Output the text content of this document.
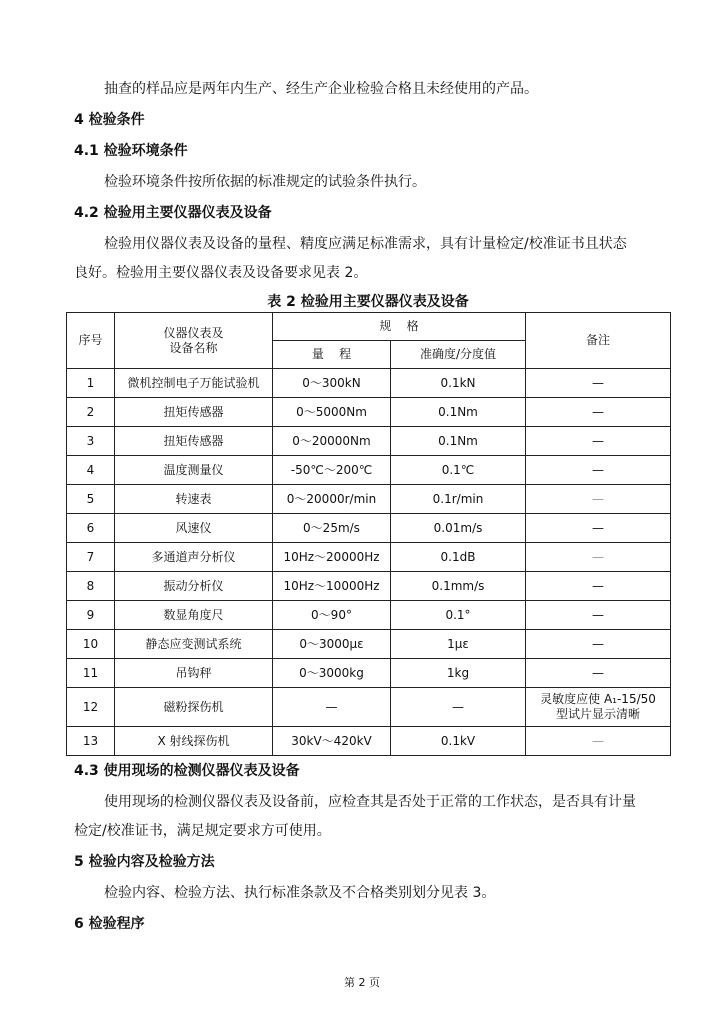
抽查的样品应是两年内生产、经生产企业检验合格且未经使用的产品。

4 检验条件

4.1 检验环境条件

检验环境条件按所依据的标准规定的试验条件执行。

4.2 检验用主要仪器仪表及设备

检验用仪器仪表及设备的量程、精度应满足标准需求，具有计量检定/校准证书且状态

良好。检验用主要仪器仪表及设备要求见表 2。

表 2 检验用主要仪器仪表及设备

序号	仪器仪表及
设备名称	规    格		备注
		量    程	准确度/分度值	
1	微机控制电子万能试验机	0～300kN	0.1kN	—
2	扭矩传感器	0～5000Nm	0.1Nm	—
3	扭矩传感器	0～20000Nm	0.1Nm	—
4	温度测量仪	-50℃～200℃	0.1℃	—
5	转速表	0～20000r/min	0.1r/min	—
6	风速仪	0～25m/s	0.01m/s	—
7	多通道声分析仪	10Hz～20000Hz	0.1dB	—
8	振动分析仪	10Hz～10000Hz	0.1mm/s	—
9	数显角度尺	0～90°	0.1°	—
10	静态应变测试系统	0～3000με	1με	—
11	吊钩秤	0～3000kg	1kg	—
12	磁粉探伤机	—	—	灵敏度应使 A₁-15/50
型试片显示清晰
13	X 射线探伤机	30kV～420kV	0.1kV	—

4.3 使用现场的检测仪器仪表及设备

使用现场的检测仪器仪表及设备前，应检查其是否处于正常的工作状态，是否具有计量

检定/校准证书，满足规定要求方可使用。

5 检验内容及检验方法

检验内容、检验方法、执行标准条款及不合格类别划分见表 3。

6 检验程序

第 2 页
